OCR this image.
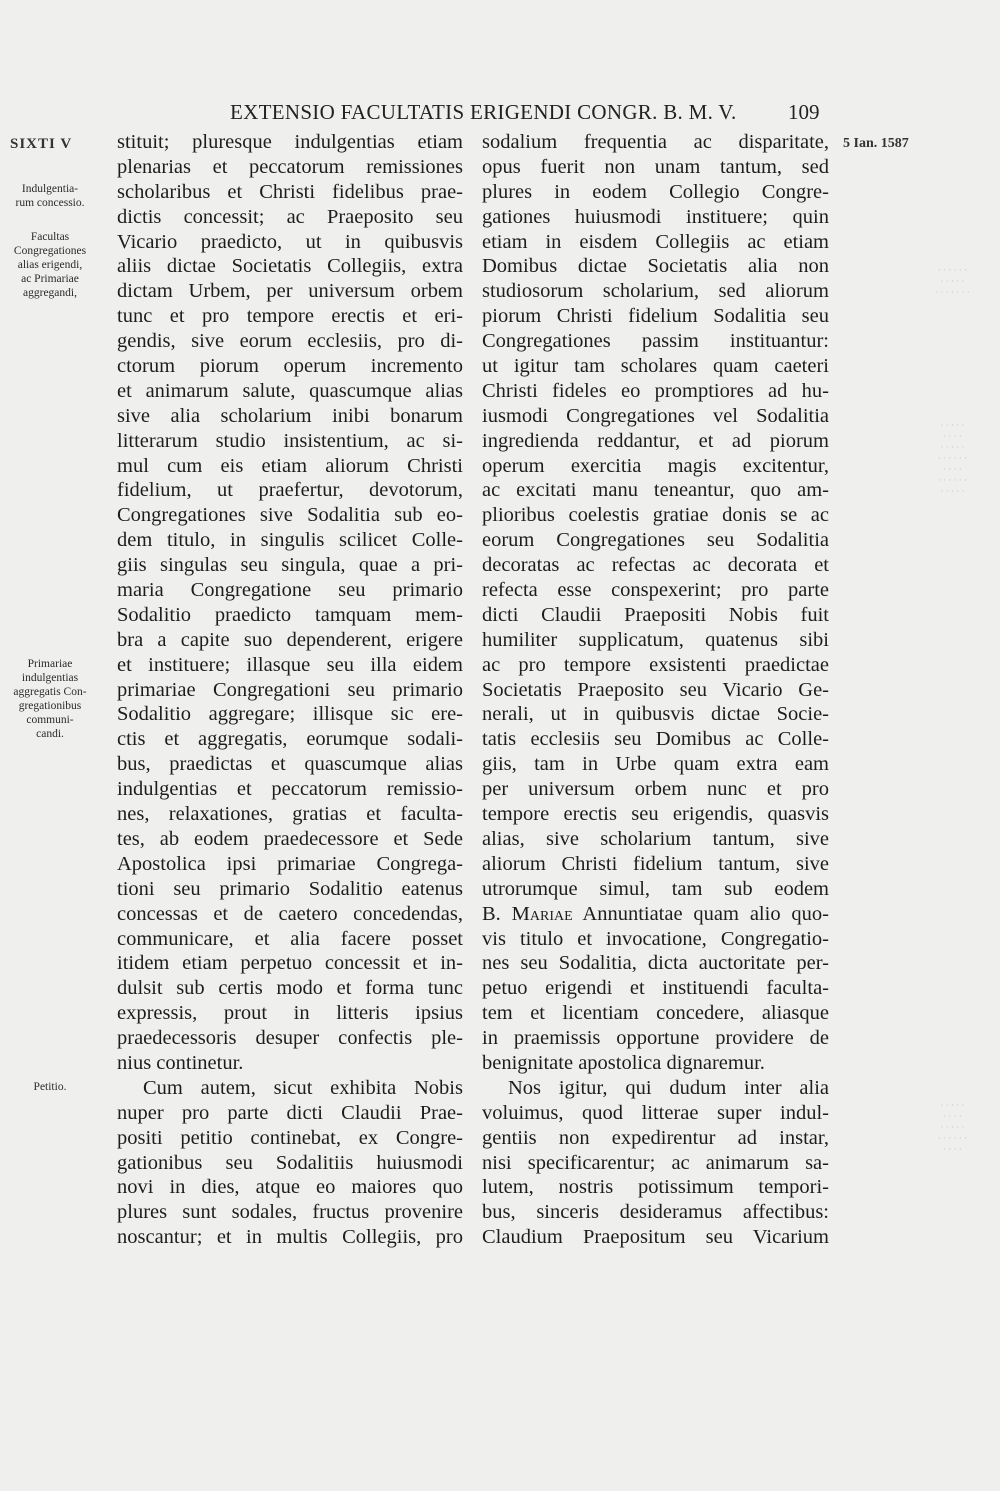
SIXTI V
EXTENSIO FACULTATIS ERIGENDI CONGR. B. M. V. 109
5 Ian. 1587
Indulgentia-
rum concessio.
Facultas
Congregationes
alias erigendi,
ac Primariae
aggregandi,
Primariae
indulgentias
aggregatis Con-
gregationibus
communi-
candi.
Petitio.
· · · · · ·
· · · · ·
· · · · · · ·
· · · · ·
· · · ·
· · · · ·
· · · · · ·
· · · ·
· · · · · ·
· · · · ·
· · · · ·
· · · ·
· · · · ·
· · · · · ·
· · · ·
stituit; pluresque indulgentias etiam
plenarias et peccatorum remissiones
scholaribus et Christi fidelibus prae-
dictis concessit; ac Praeposito seu
Vicario praedicto, ut in quibusvis
aliis dictae Societatis Collegiis, extra
dictam Urbem, per universum orbem
tunc et pro tempore erectis et eri-
gendis, sive eorum ecclesiis, pro di-
ctorum piorum operum incremento
et animarum salute, quascumque alias
sive alia scholarium inibi bonarum
litterarum studio insistentium, ac si-
mul cum eis etiam aliorum Christi
fidelium, ut praefertur, devotorum,
Congregationes sive Sodalitia sub eo-
dem titulo, in singulis scilicet Colle-
giis singulas seu singula, quae a pri-
maria Congregatione seu primario
Sodalitio praedicto tamquam mem-
bra a capite suo dependerent, erigere
et instituere; illasque seu illa eidem
primariae Congregationi seu primario
Sodalitio aggregare; illisque sic ere-
ctis et aggregatis, eorumque sodali-
bus, praedictas et quascumque alias
indulgentias et peccatorum remissio-
nes, relaxationes, gratias et faculta-
tes, ab eodem praedecessore et Sede
Apostolica ipsi primariae Congrega-
tioni seu primario Sodalitio eatenus
concessas et de caetero concedendas,
communicare, et alia facere posset
itidem etiam perpetuo concessit et in-
dulsit sub certis modo et forma tunc
expressis, prout in litteris ipsius
praedecessoris desuper confectis ple-
nius continetur.
Cum autem, sicut exhibita Nobis
nuper pro parte dicti Claudii Prae-
positi petitio continebat, ex Congre-
gationibus seu Sodalitiis huiusmodi
novi in dies, atque eo maiores quo
plures sunt sodales, fructus provenire
noscantur; et in multis Collegiis, pro
sodalium frequentia ac disparitate,
opus fuerit non unam tantum, sed
plures in eodem Collegio Congre-
gationes huiusmodi instituere; quin
etiam in eisdem Collegiis ac etiam
Domibus dictae Societatis alia non
studiosorum scholarium, sed aliorum
piorum Christi fidelium Sodalitia seu
Congregationes passim instituantur:
ut igitur tam scholares quam caeteri
Christi fideles eo promptiores ad hu-
iusmodi Congregationes vel Sodalitia
ingredienda reddantur, et ad piorum
operum exercitia magis excitentur,
ac excitati manu teneantur, quo am-
plioribus coelestis gratiae donis se ac
eorum Congregationes seu Sodalitia
decoratas ac refectas ac decorata et
refecta esse conspexerint; pro parte
dicti Claudii Praepositi Nobis fuit
humiliter supplicatum, quatenus sibi
ac pro tempore exsistenti praedictae
Societatis Praeposito seu Vicario Ge-
nerali, ut in quibusvis dictae Socie-
tatis ecclesiis seu Domibus ac Colle-
giis, tam in Urbe quam extra eam
per universum orbem nunc et pro
tempore erectis seu erigendis, quasvis
alias, sive scholarium tantum, sive
aliorum Christi fidelium tantum, sive
utrorumque simul, tam sub eodem
B. Mariae Annuntiatae quam alio quo-
vis titulo et invocatione, Congregatio-
nes seu Sodalitia, dicta auctoritate per-
petuo erigendi et instituendi faculta-
tem et licentiam concedere, aliasque
in praemissis opportune providere de
benignitate apostolica dignaremur.
Nos igitur, qui dudum inter alia
voluimus, quod litterae super indul-
gentiis non expedirentur ad instar,
nisi specificarentur; ac animarum sa-
lutem, nostris potissimum tempori-
bus, sinceris desideramus affectibus:
Claudium Praepositum seu Vicarium
